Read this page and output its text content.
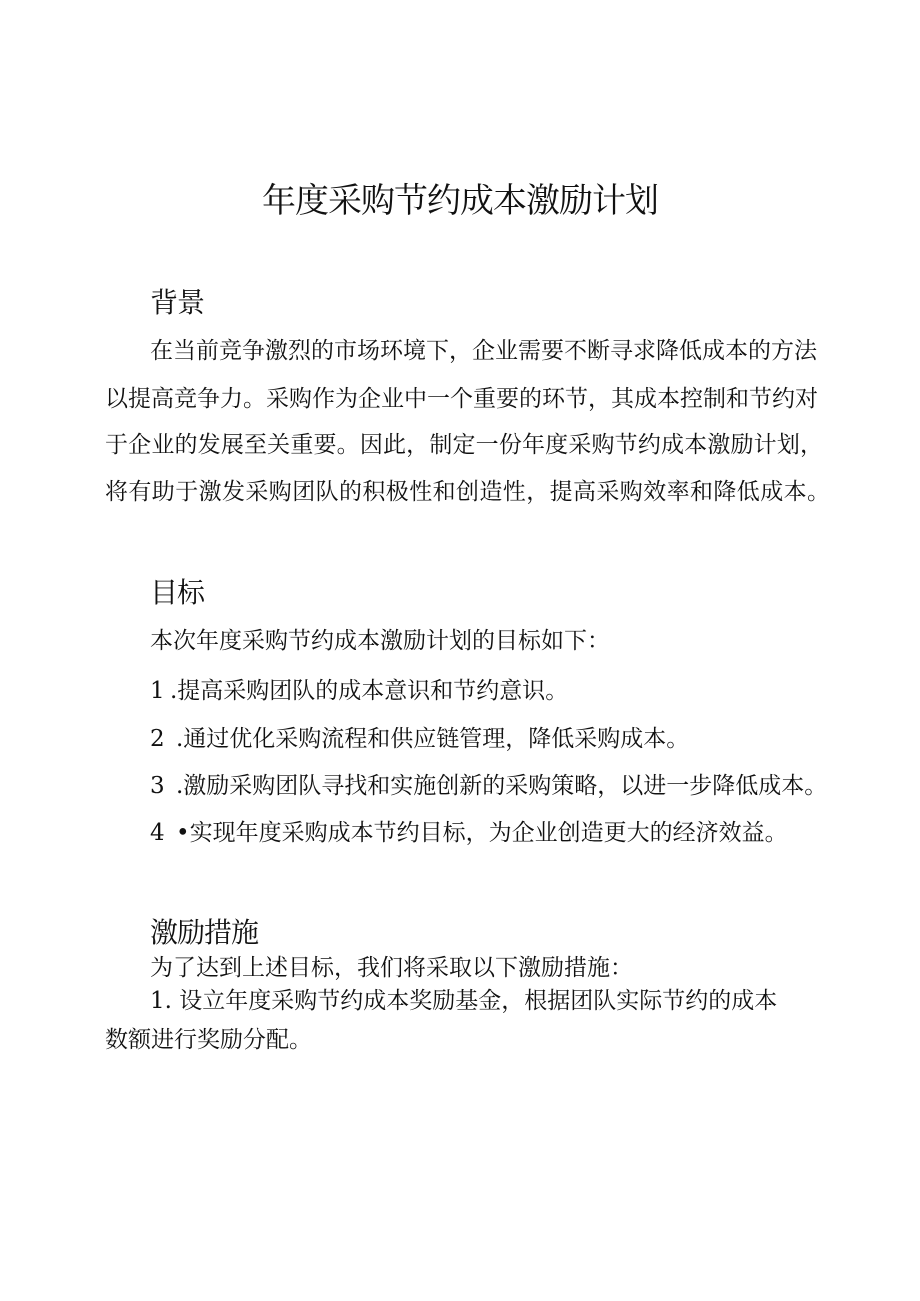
年度采购节约成本激励计划
背景
在当前竞争激烈的市场环境下，企业需要不断寻求降低成本的方法
以提高竞争力。采购作为企业中一个重要的环节，其成本控制和节约对
于企业的发展至关重要。因此，制定一份年度采购节约成本激励计划，
将有助于激发采购团队的积极性和创造性，提高采购效率和降低成本。
目标
本次年度采购节约成本激励计划的目标如下：
1 .提高采购团队的成本意识和节约意识。
2 .通过优化采购流程和供应链管理，降低采购成本。
3 .激励采购团队寻找和实施创新的采购策略，以进一步降低成本。
4 •实现年度采购成本节约目标，为企业创造更大的经济效益。
激励措施
为了达到上述目标，我们将采取以下激励措施：
1. 设立年度采购节约成本奖励基金，根据团队实际节约的成本
数额进行奖励分配。
